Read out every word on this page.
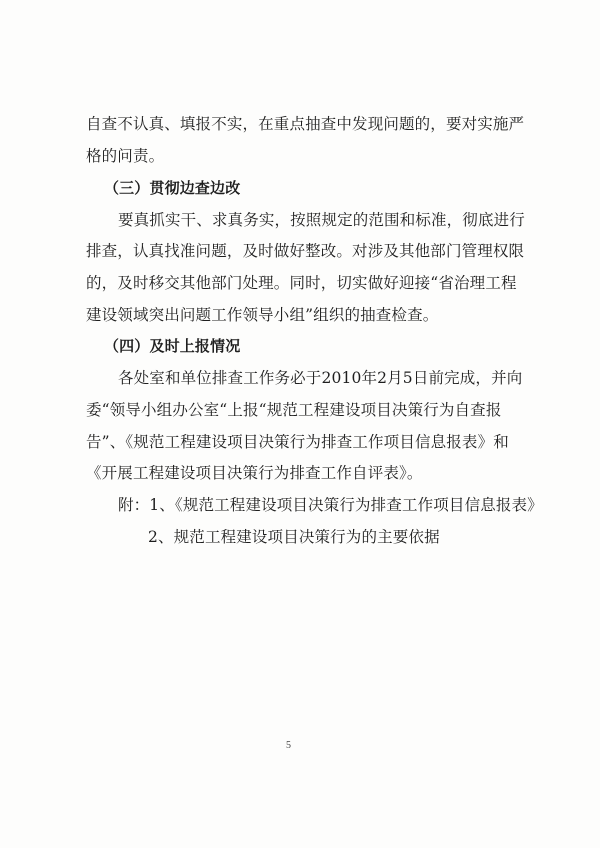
自查不认真、填报不实，在重点抽查中发现问题的，要对实施严
格的问责。
（三）贯彻边查边改
要真抓实干、求真务实，按照规定的范围和标准，彻底进行
排查，认真找准问题，及时做好整改。对涉及其他部门管理权限
的，及时移交其他部门处理。同时，切实做好迎接“省治理工程
建设领域突出问题工作领导小组”组织的抽查检查。
（四）及时上报情况
各处室和单位排查工作务必于2010年2月5日前完成，并向
委“领导小组办公室“上报“规范工程建设项目决策行为自查报
告”、《规范工程建设项目决策行为排查工作项目信息报表》和
《开展工程建设项目决策行为排查工作自评表》。
附：1、《规范工程建设项目决策行为排查工作项目信息报表》
2、规范工程建设项目决策行为的主要依据
5
